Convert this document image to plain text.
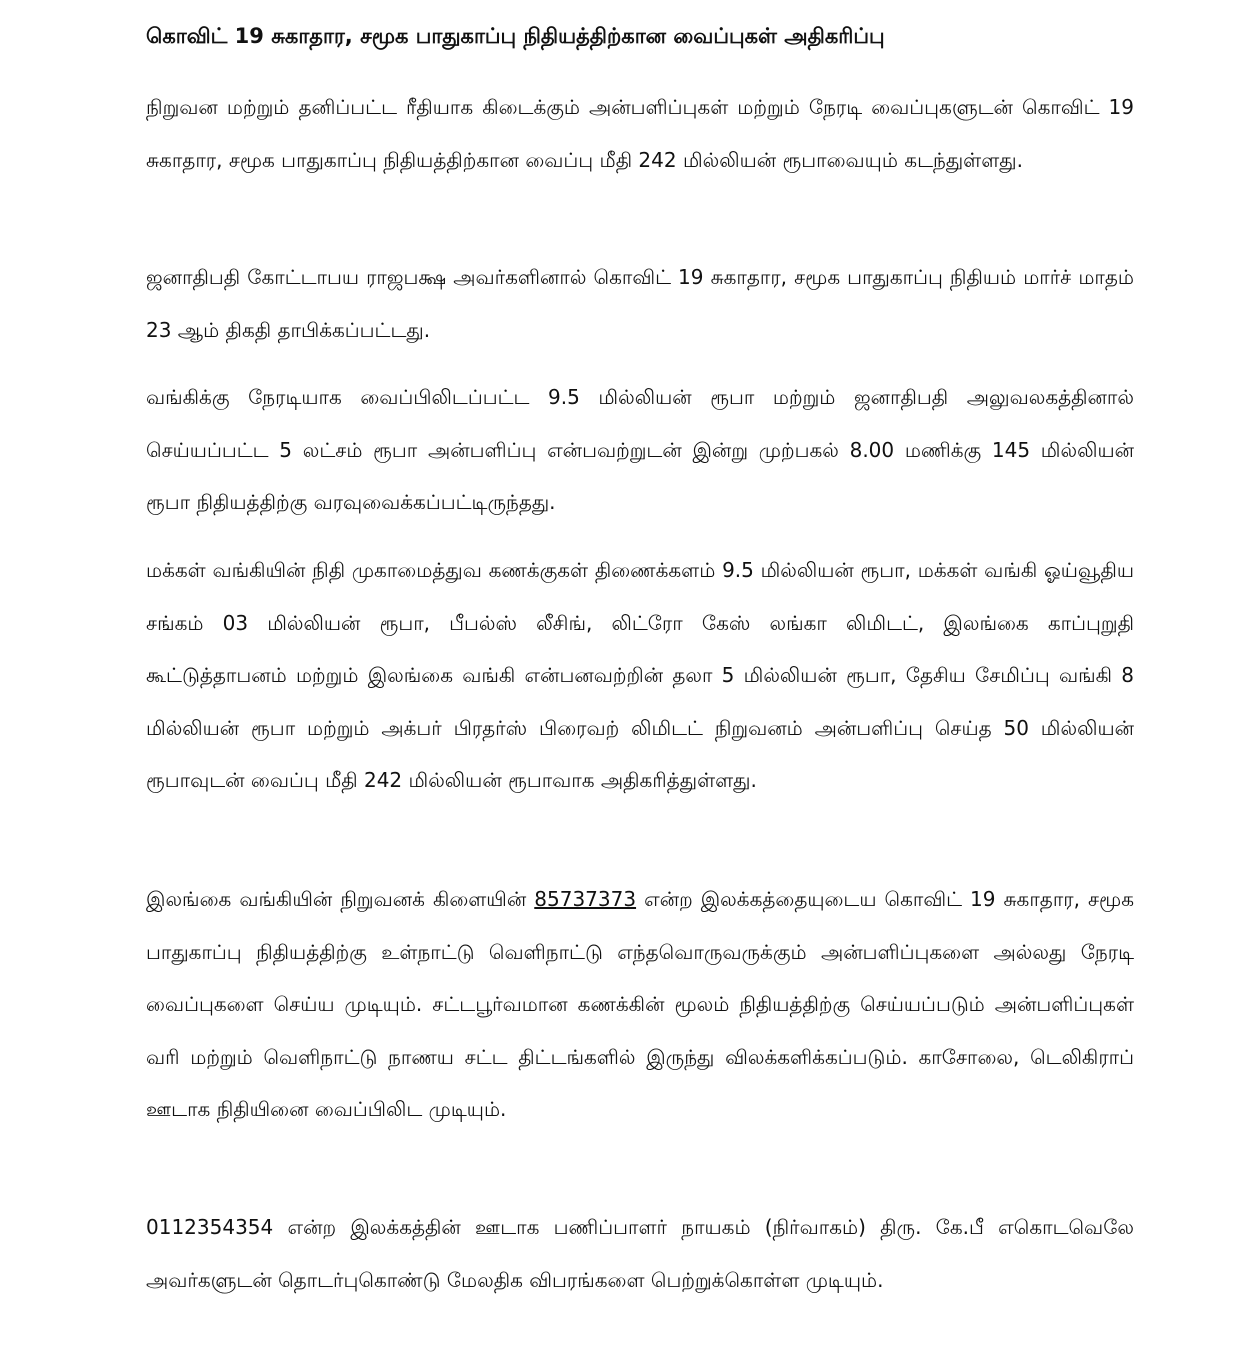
கொவிட் 19 சுகாதார, சமூக பாதுகாப்பு நிதியத்திற்கான வைப்புகள் அதிகரிப்பு

நிறுவன மற்றும் தனிப்பட்ட ரீதியாக கிடைக்கும் அன்பளிப்புகள் மற்றும் நேரடி வைப்புகளுடன் கொவிட் 19 சுகாதார, சமூக பாதுகாப்பு நிதியத்திற்கான வைப்பு மீதி 242 மில்லியன் ரூபாவையும் கடந்துள்ளது.

ஜனாதிபதி கோட்டாபய ராஜபக்ஷ அவர்களினால் கொவிட் 19 சுகாதார, சமூக பாதுகாப்பு நிதியம் மார்ச் மாதம் 23 ஆம் திகதி தாபிக்கப்பட்டது.

வங்கிக்கு நேரடியாக வைப்பிலிடப்பட்ட 9.5 மில்லியன் ரூபா மற்றும் ஜனாதிபதி அலுவலகத்தினால் செய்யப்பட்ட 5 லட்சம் ரூபா அன்பளிப்பு என்பவற்றுடன் இன்று முற்பகல் 8.00 மணிக்கு 145 மில்லியன் ரூபா நிதியத்திற்கு வரவுவைக்கப்பட்டிருந்தது.

மக்கள் வங்கியின் நிதி முகாமைத்துவ கணக்குகள் திணைக்களம் 9.5 மில்லியன் ரூபா, மக்கள் வங்கி ஓய்வூதிய சங்கம் 03 மில்லியன் ரூபா, பீபல்ஸ் லீசிங், லிட்ரோ கேஸ் லங்கா லிமிடட், இலங்கை காப்புறுதி கூட்டுத்தாபனம் மற்றும் இலங்கை வங்கி என்பனவற்றின் தலா 5 மில்லியன் ரூபா, தேசிய சேமிப்பு வங்கி 8 மில்லியன் ரூபா மற்றும் அக்பர் பிரதர்ஸ் பிரைவற் லிமிடட் நிறுவனம் அன்பளிப்பு செய்த 50 மில்லியன் ரூபாவுடன் வைப்பு மீதி 242 மில்லியன் ரூபாவாக அதிகரித்துள்ளது.

இலங்கை வங்கியின் நிறுவனக் கிளையின் 85737373 என்ற இலக்கத்தையுடைய கொவிட் 19 சுகாதார, சமூக பாதுகாப்பு நிதியத்திற்கு உள்நாட்டு வெளிநாட்டு எந்தவொருவருக்கும் அன்பளிப்புகளை அல்லது நேரடி வைப்புகளை செய்ய முடியும். சட்டபூர்வமான கணக்கின் மூலம் நிதியத்திற்கு செய்யப்படும் அன்பளிப்புகள் வரி மற்றும் வெளிநாட்டு நாணய சட்ட திட்டங்களில் இருந்து விலக்களிக்கப்படும். காசோலை, டெலிகிராப் ஊடாக நிதியினை வைப்பிலிட முடியும்.

0112354354 என்ற இலக்கத்தின் ஊடாக பணிப்பாளர் நாயகம் (நிர்வாகம்) திரு. கே.பீ எகொடவெலே அவர்களுடன் தொடர்புகொண்டு மேலதிக விபரங்களை பெற்றுக்கொள்ள முடியும்.
